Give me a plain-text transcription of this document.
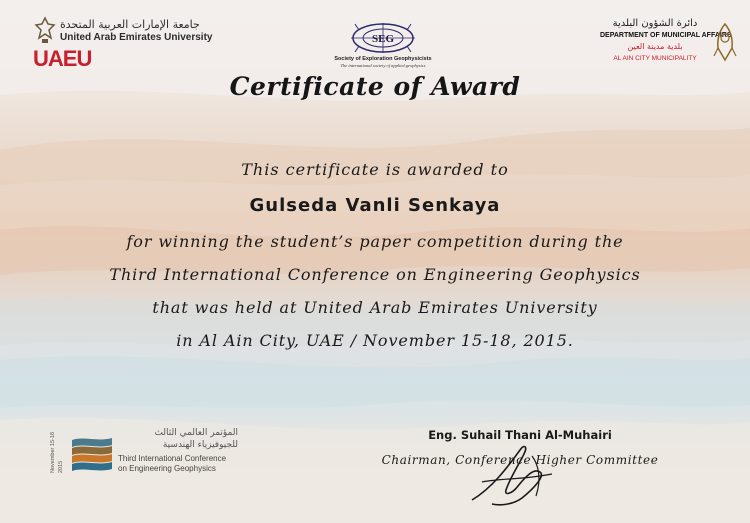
جامعة الإمارات العربية المتحدة
United Arab Emirates University
UAEU
SEG
Society of Exploration Geophysicists
The international society of applied geophysics
دائرة الشؤون البلدية
DEPARTMENT OF MUNICIPAL AFFAIRS
بلدية مدينة العين
AL AIN CITY MUNICIPALITY
Certificate of Award
This certificate is awarded to
Gulseda Vanli Senkaya
for winning the student’s paper competition during the
Third International Conference on Engineering Geophysics
that was held at United Arab Emirates University
in Al Ain City, UAE / November 15-18, 2015.
November 15-18 2015
المؤتمر العالمي الثالث
للجيوفيزياء الهندسية
Third International Conference
on Engineering Geophysics
Eng. Suhail Thani Al-Muhairi
Chairman, Conference Higher Committee
